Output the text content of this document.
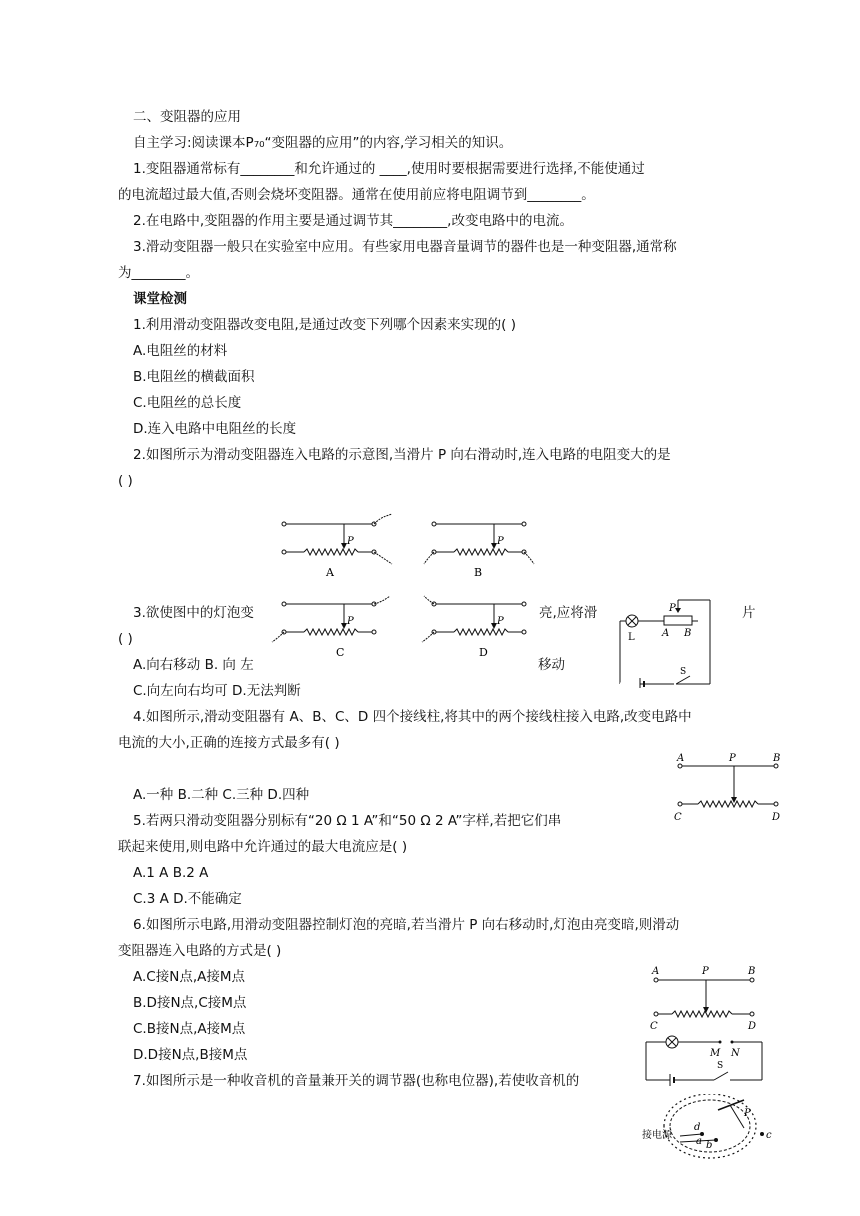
二、变阻器的应用
自主学习:阅读课本P₇₀“变阻器的应用”的内容,学习相关的知识。
1.变阻器通常标有________和允许通过的 ____,使用时要根据需要进行选择,不能使通过
的电流超过最大值,否则会烧坏变阻器。通常在使用前应将电阻调节到________。
2.在电路中,变阻器的作用主要是通过调节其________,改变电路中的电流。
3.滑动变阻器一般只在实验室中应用。有些家用电器音量调节的器件也是一种变阻器,通常称
为________。
课堂检测
1.利用滑动变阻器改变电阻,是通过改变下列哪个因素来实现的( )
A.电阻丝的材料
B.电阻丝的横截面积
C.电阻丝的总长度
D.连入电路中电阻丝的长度
2.如图所示为滑动变阻器连入电路的示意图,当滑片 P 向右滑动时,连入电路的电阻变大的是
( )
P	P
P	P
A	B
C	D
3.欲使图中的灯泡变	亮,应将滑	片
( )
A.向右移动 B. 向 左	移动
C.向左向右均可 D.无法判断
P
L	A B
S
4.如图所示,滑动变阻器有 A、B、C、D 四个接线柱,将其中的两个接线柱接入电路,改变电路中
电流的大小,正确的连接方式最多有( )
A.一种 B.二种 C.三种 D.四种
A	P	B
C	D
5.若两只滑动变阻器分别标有“20 Ω 1 A”和“50 Ω 2 A”字样,若把它们串
联起来使用,则电路中允许通过的最大电流应是( )
A.1 A B.2 A
C.3 A D.不能确定
6.如图所示电路,用滑动变阻器控制灯泡的亮暗,若当滑片 P 向右移动时,灯泡由亮变暗,则滑动
变阻器连入电路的方式是( )
A.C接N点,A接M点
B.D接N点,C接M点
C.B接N点,A接M点
D.D接N点,B接M点
A	P	B
C	D
M N
S
7.如图所示是一种收音机的音量兼开关的调节器(也称电位器),若使收音机的
接电源
d
a b
P
c
